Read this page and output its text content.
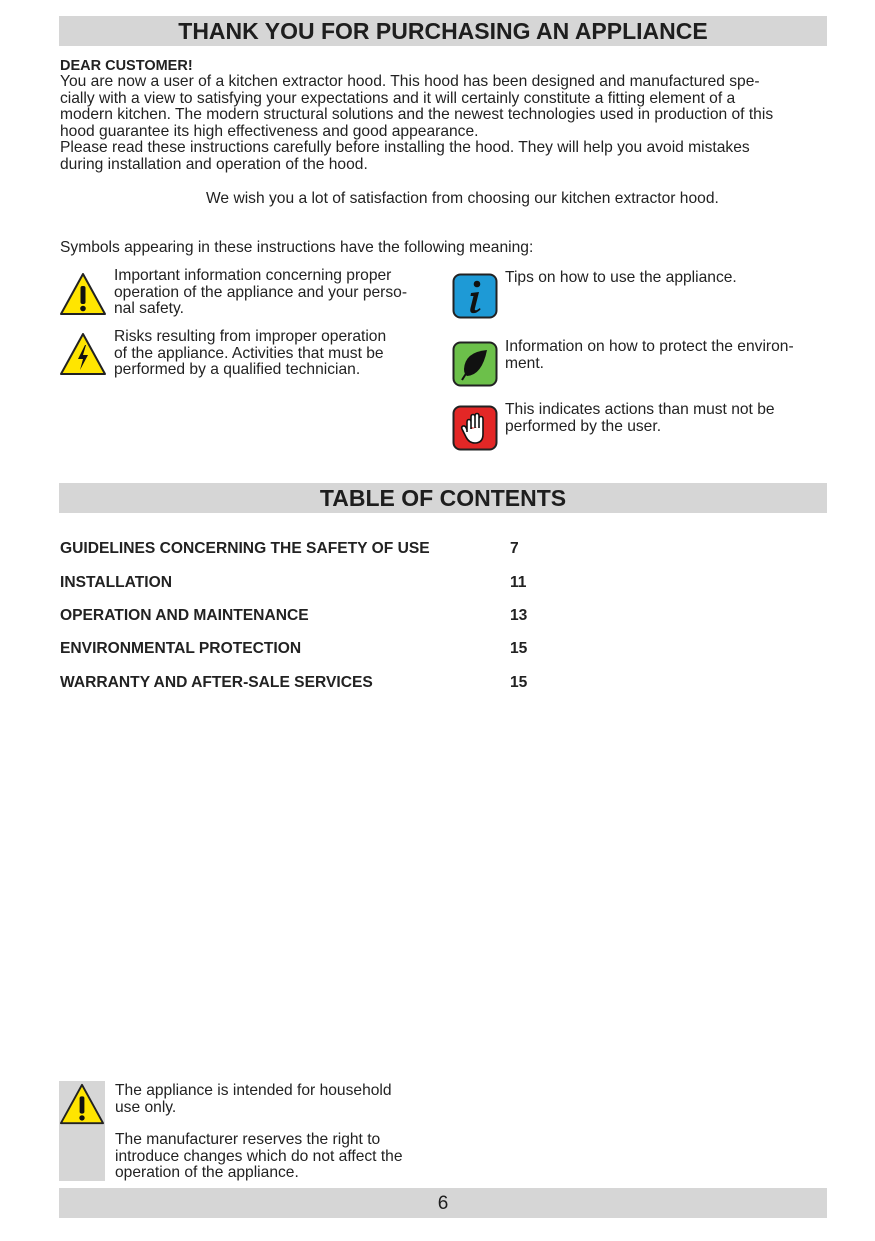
THANK YOU FOR PURCHASING AN APPLIANCE
DEAR CUSTOMER!
You are now a user of a kitchen extractor hood. This hood has been designed and manufactured spe-
cially with a view to satisfying your expectations and it will certainly constitute a fitting element of a
modern kitchen. The modern structural solutions and the newest technologies used in production of this
hood guarantee its high effectiveness and good appearance.
Please read these instructions carefully before installing the hood. They will help you avoid mistakes
during installation and operation of the hood.
We wish you a lot of satisfaction from choosing our kitchen extractor hood.
Symbols appearing in these instructions have the following meaning:
Important information concerning proper
operation of the appliance and your perso-
nal safety.
Risks resulting from improper operation
of the appliance. Activities that must be
performed by a qualified technician.
Tips on how to use the appliance.
Information on how to protect the environ-
ment.
This indicates actions than must not be
performed by the user.
TABLE OF CONTENTS
GUIDELINES CONCERNING THE SAFETY OF USE	7
INSTALLATION	11
OPERATION AND MAINTENANCE	13
ENVIRONMENTAL PROTECTION	15
WARRANTY AND AFTER-SALE SERVICES	15
The appliance is intended for household
use only.
The manufacturer reserves the right to
introduce changes which do not affect the
operation of the appliance.
6
